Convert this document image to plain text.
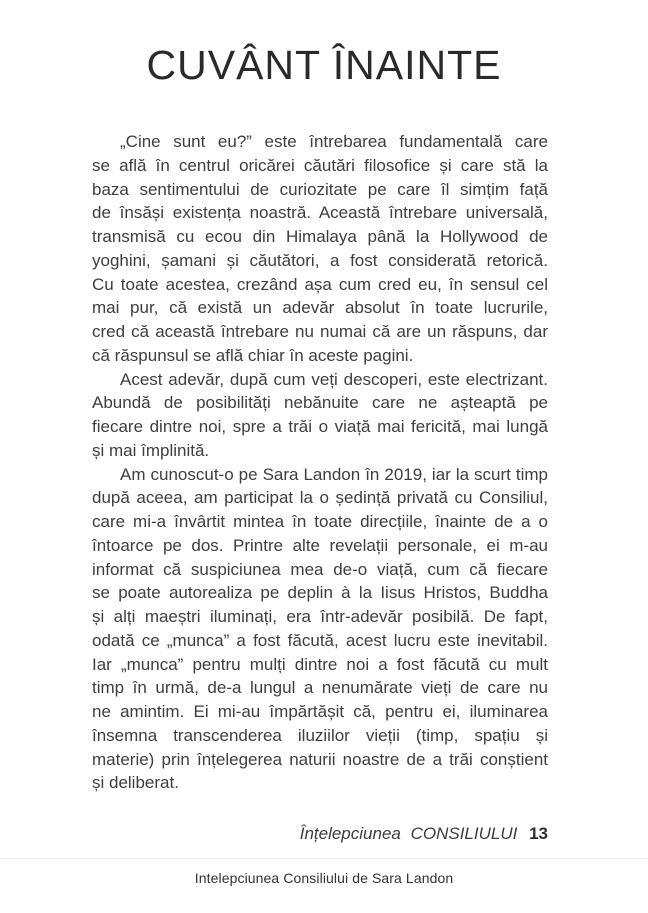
CUVÂNT ÎNAINTE
„Cine sunt eu?” este întrebarea fundamentală care
se află în centrul oricărei căutări filosofice și care stă la
baza sentimentului de curiozitate pe care îl simțim față
de însăși existența noastră. Această întrebare universală,
transmisă cu ecou din Himalaya până la Hollywood de
yoghini, șamani și căutători, a fost considerată retorică.
Cu toate acestea, crezând așa cum cred eu, în sensul cel
mai pur, că există un adevăr absolut în toate lucrurile,
cred că această întrebare nu numai că are un răspuns, dar
că răspunsul se află chiar în aceste pagini.
Acest adevăr, după cum veți descoperi, este electrizant.
Abundă de posibilități nebănuite care ne așteaptă pe
fiecare dintre noi, spre a trăi o viață mai fericită, mai lungă
și mai împlinită.
Am cunoscut-o pe Sara Landon în 2019, iar la scurt timp
după aceea, am participat la o ședință privată cu Consiliul,
care mi-a învârtit mintea în toate direcțiile, înainte de a o
întoarce pe dos. Printre alte revelații personale, ei m-au
informat că suspiciunea mea de-o viață, cum că fiecare
se poate autorealiza pe deplin à la Iisus Hristos, Buddha
și alți maeștri iluminați, era într-adevăr posibilă. De fapt,
odată ce „munca” a fost făcută, acest lucru este inevitabil.
Iar „munca” pentru mulți dintre noi a fost făcută cu mult
timp în urmă, de-a lungul a nenumărate vieți de care nu
ne amintim. Ei mi-au împărtășit că, pentru ei, iluminarea
însemna transcenderea iluziilor vieții (timp, spațiu și
materie) prin înțelegerea naturii noastre de a trăi conștient
și deliberat.
Înțelepciunea CONSILIULUI 13
Intelepciunea Consiliului de Sara Landon
